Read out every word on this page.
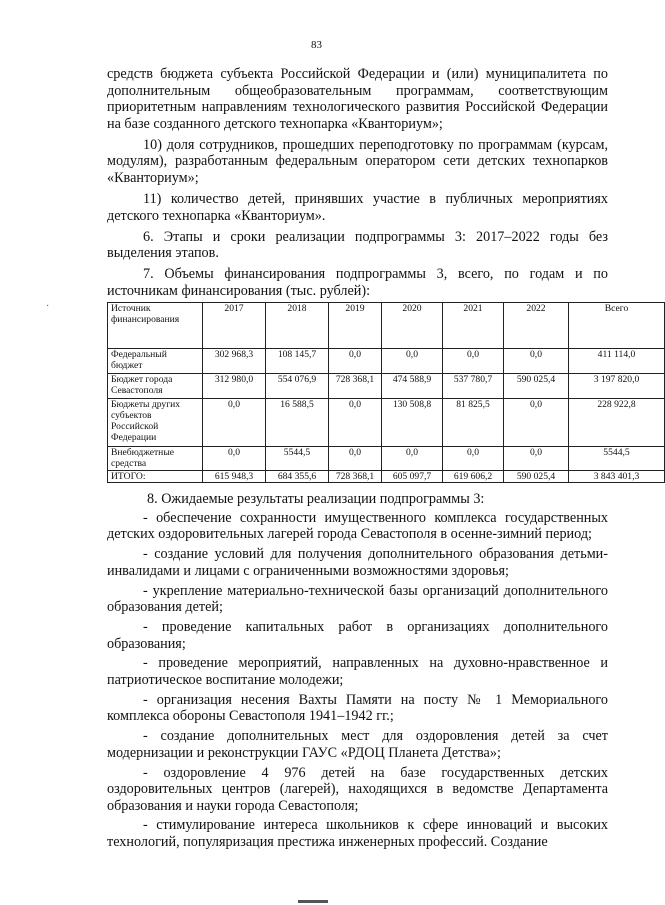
83
·
средств бюджета субъекта Российской Федерации и (или) муниципалитета по дополнительным общеобразовательным программам, соответствующим приоритетным направлениям технологического развития Российской Федерации на базе созданного детского технопарка «Кванториум»;
10) доля сотрудников, прошедших переподготовку по программам (курсам, модулям), разработанным федеральным оператором сети детских технопарков «Кванториум»;
11) количество детей, принявших участие в публичных мероприятиях детского технопарка «Кванториум».
6. Этапы и сроки реализации подпрограммы 3: 2017–2022 годы без выделения этапов.
7. Объемы финансирования подпрограммы 3, всего, по годам и по источникам финансирования (тыс. рублей):
Источник финансирования	2017	2018	2019	2020	2021	2022	Всего
Федеральный бюджет	302 968,3	108 145,7	0,0	0,0	0,0	0,0	411 114,0
Бюджет города Севастополя	312 980,0	554 076,9	728 368,1	474 588,9	537 780,7	590 025,4	3 197 820,0
Бюджеты других субъектов Российской Федерации	0,0	16 588,5	0,0	130 508,8	81 825,5	0,0	228 922,8
Внебюджетные средства	0,0	5544,5	0,0	0,0	0,0	0,0	5544,5
ИТОГО:	615 948,3	684 355,6	728 368,1	605 097,7	619 606,2	590 025,4	3 843 401,3
8. Ожидаемые результаты реализации подпрограммы 3:
- обеспечение сохранности имущественного комплекса государственных детских оздоровительных лагерей города Севастополя в осенне-зимний период;
- создание условий для получения дополнительного образования детьми-инвалидами и лицами с ограниченными возможностями здоровья;
- укрепление материально-технической базы организаций дополнительного образования детей;
- проведение капитальных работ в организациях дополнительного образования;
- проведение мероприятий, направленных на духовно-нравственное и патриотическое воспитание молодежи;
- организация несения Вахты Памяти на посту № 1 Мемориального комплекса обороны Севастополя 1941–1942 гг.;
- создание дополнительных мест для оздоровления детей за счет модернизации и реконструкции ГАУС «РДОЦ Планета Детства»;
- оздоровление 4 976 детей на базе государственных детских оздоровительных центров (лагерей), находящихся в ведомстве Департамента образования и науки города Севастополя;
- стимулирование интереса школьников к сфере инноваций и высоких технологий, популяризация престижа инженерных профессий. Создание
